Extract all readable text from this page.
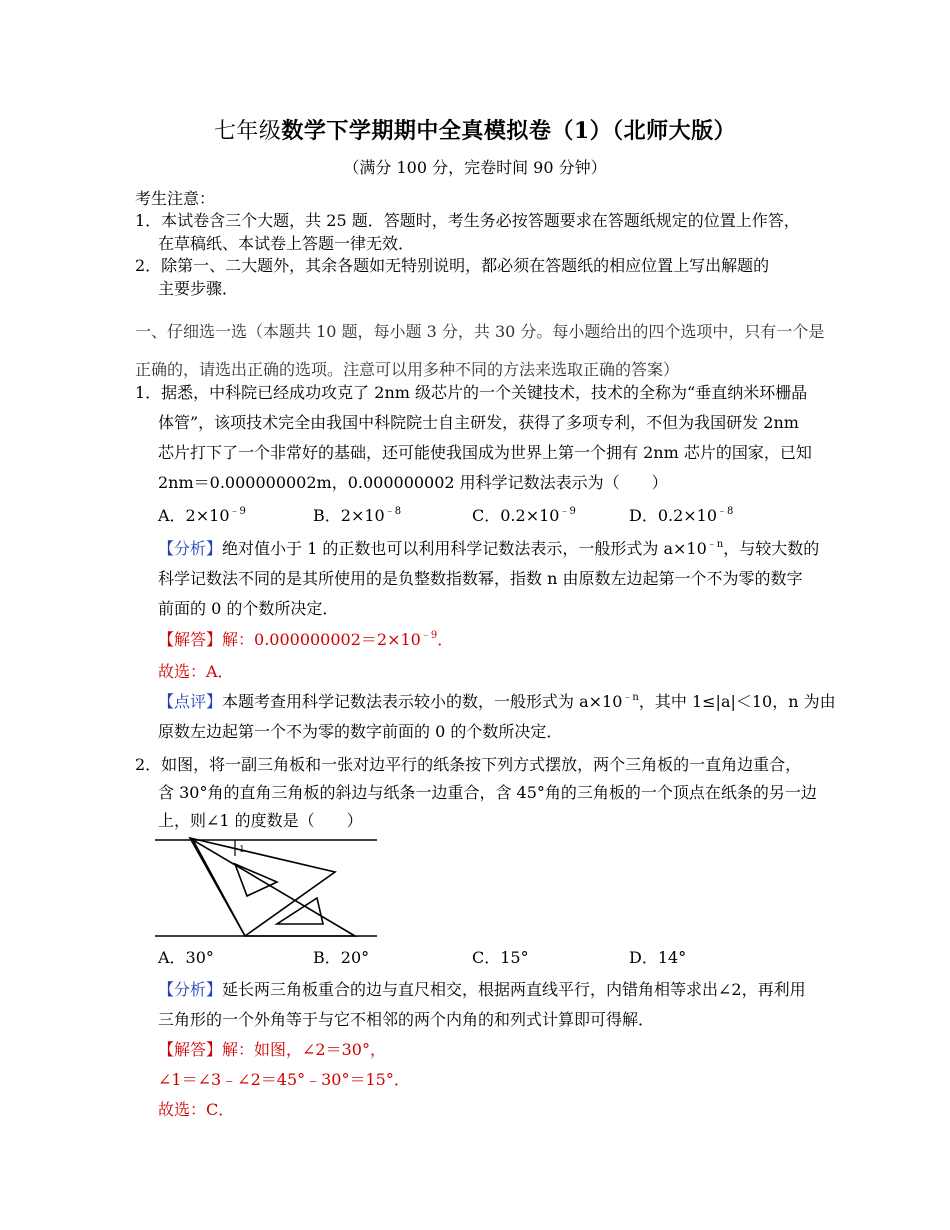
七年级数学下学期期中全真模拟卷（1）（北师大版）
（满分 100 分，完卷时间 90 分钟）
考生注意：
1．本试卷含三个大题，共 25 题．答题时，考生务必按答题要求在答题纸规定的位置上作答，
在草稿纸、本试卷上答题一律无效．
2．除第一、二大题外，其余各题如无特别说明，都必须在答题纸的相应位置上写出解题的
主要步骤．
一、仔细选一选（本题共 10 题，每小题 3 分，共 30 分。每小题给出的四个选项中，只有一个是
正确的，请选出正确的选项。注意可以用多种不同的方法来选取正确的答案）
1．据悉，中科院已经成功攻克了 2nm 级芯片的一个关键技术，技术的全称为“垂直纳米环栅晶
体管”，该项技术完全由我国中科院院士自主研发，获得了多项专利，不但为我国研发 2nm
芯片打下了一个非常好的基础，还可能使我国成为世界上第一个拥有 2nm 芯片的国家，已知
2nm＝0.000000002m，0.000000002 用科学记数法表示为（　　）
A．$2\times 10^{﹣9}$	B．$2\times 10^{﹣8}$	C．$0.2\times 10^{﹣9}$	D．$0.2\times 10^{﹣8}$
【分析】绝对值小于 1 的正数也可以利用科学记数法表示，一般形式为 $a\times 10^{﹣n}$，与较大数的
科学记数法不同的是其所使用的是负整数指数幂，指数 n 由原数左边起第一个不为零的数字
前面的 0 的个数所决定．
【解答】解：$0.000000002=2\times 10^{﹣9}$．
故选：A．
【点评】本题考查用科学记数法表示较小的数，一般形式为 $a\times 10^{﹣n}$，其中 1≤|a|＜10，n 为由
原数左边起第一个不为零的数字前面的 0 的个数所决定．
2．如图，将一副三角板和一张对边平行的纸条按下列方式摆放，两个三角板的一直角边重合，
含 30°角的直角三角板的斜边与纸条一边重合，含 45°角的三角板的一个顶点在纸条的另一边
上，则∠1 的度数是（　　）
1
A．30°	B．20°	C．15°	D．14°
【分析】延长两三角板重合的边与直尺相交，根据两直线平行，内错角相等求出∠2，再利用
三角形的一个外角等于与它不相邻的两个内角的和列式计算即可得解．
【解答】解：如图，∠2＝30°，
∠1＝∠3﹣∠2＝45°﹣30°＝15°．
故选：C．
